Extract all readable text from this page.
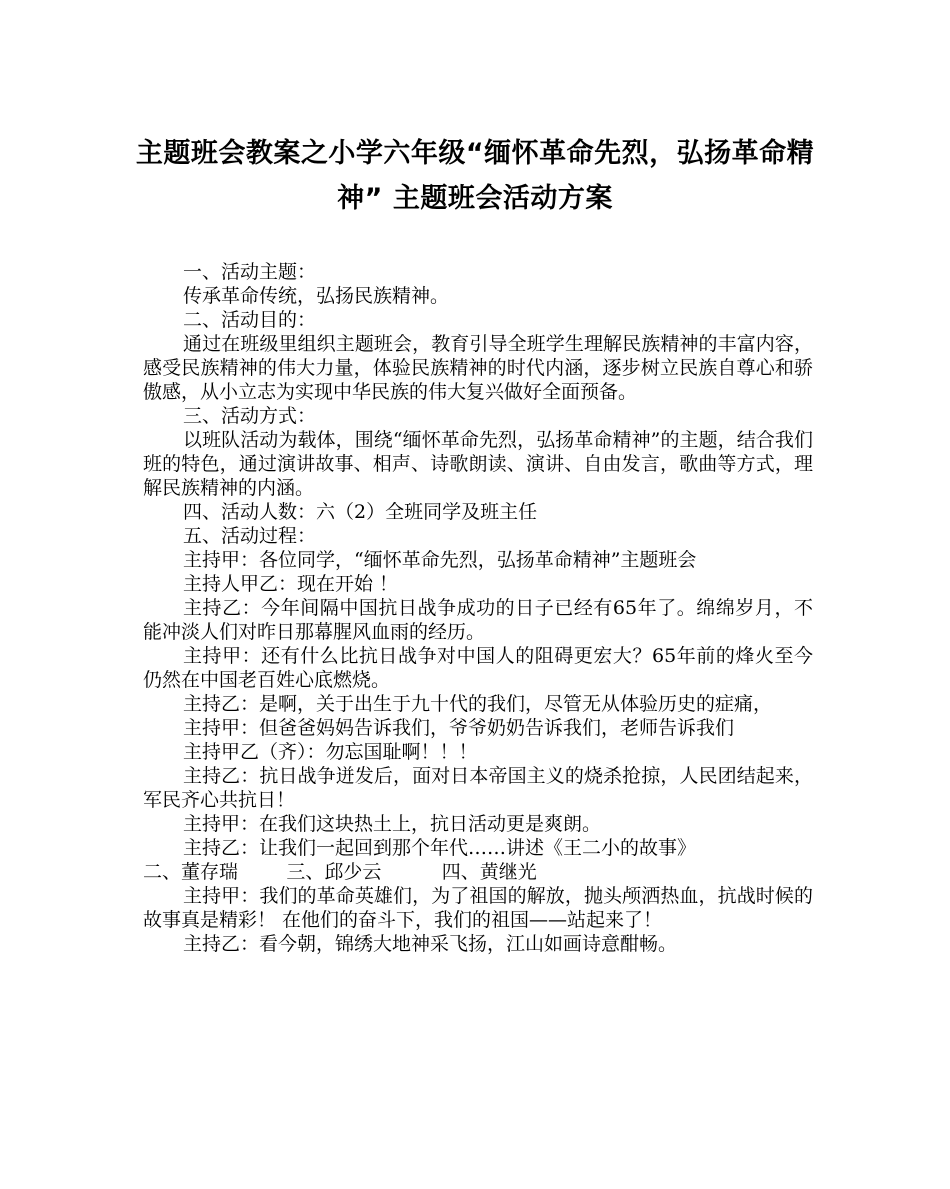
主题班会教案之小学六年级“缅怀革命先烈，弘扬革命精神” 主题班会活动方案

一、活动主题：

传承革命传统，弘扬民族精神。

二、活动目的：

通过在班级里组织主题班会，教育引导全班学生理解民族精神的丰富内容，感受民族精神的伟大力量，体验民族精神的时代内涵，逐步树立民族自尊心和骄傲感，从小立志为实现中华民族的伟大复兴做好全面预备。

三、活动方式：

以班队活动为载体，围绕“缅怀革命先烈，弘扬革命精神”的主题，结合我们班的特色，通过演讲故事、相声、诗歌朗读、演讲、自由发言，歌曲等方式，理解民族精神的内涵。

四、活动人数：六（2）全班同学及班主任

五、活动过程：

主持甲：各位同学，“缅怀革命先烈，弘扬革命精神”主题班会

主持人甲乙：现在开始 ！

主持乙：今年间隔中国抗日战争成功的日子已经有65年了。绵绵岁月，不能冲淡人们对昨日那幕腥风血雨的经历。

主持甲：还有什么比抗日战争对中国人的阻碍更宏大？65年前的烽火至今仍然在中国老百姓心底燃烧。

主持乙：是啊，关于出生于九十代的我们，尽管无从体验历史的症痛，

主持甲：但爸爸妈妈告诉我们，爷爷奶奶告诉我们，老师告诉我们

主持甲乙（齐）：勿忘国耻啊！！！

主持乙：抗日战争迸发后，面对日本帝国主义的烧杀抢掠，人民团结起来，军民齐心共抗日！

主持甲：在我们这块热土上，抗日活动更是爽朗。

主持乙：让我们一起回到那个年代……讲述《王二小的故事》

二、董存瑞        三、邱少云          四、黄继光

主持甲：我们的革命英雄们，为了祖国的解放，抛头颅洒热血，抗战时候的故事真是精彩！ 在他们的奋斗下，我们的祖国——站起来了！

主持乙：看今朝，锦绣大地神采飞扬，江山如画诗意酣畅。
